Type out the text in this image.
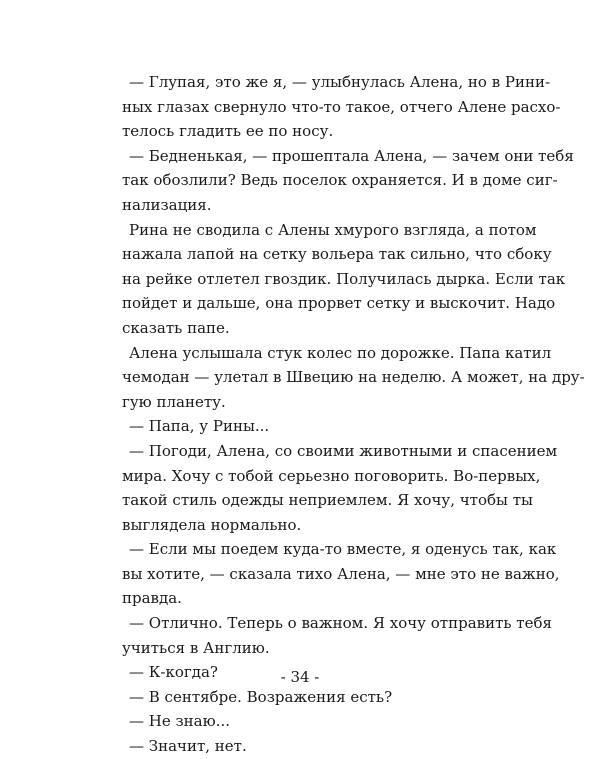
— Глупая, это же я, — улыбнулась Алена, но в Рини-
ных глазах свернуло что-то такое, отчего Алене расхо-
телось гладить ее по носу.
— Бедненькая, — прошептала Алена, — зачем они тебя
так обозлили? Ведь поселок охраняется. И в доме сиг-
нализация.
Рина не сводила с Алены хмурого взгляда, а потом
нажала лапой на сетку вольера так сильно, что сбоку
на рейке отлетел гвоздик. Получилась дырка. Если так
пойдет и дальше, она прорвет сетку и выскочит. Надо
сказать папе.
Алена услышала стук колес по дорожке. Папа катил
чемодан — улетал в Швецию на неделю. А может, на дру-
гую планету.
— Папа, у Рины...
— Погоди, Алена, со своими животными и спасением
мира. Хочу с тобой серьезно поговорить. Во-первых,
такой стиль одежды неприемлем. Я хочу, чтобы ты
выглядела нормально.
— Если мы поедем куда-то вместе, я оденусь так, как
вы хотите, — сказала тихо Алена, — мне это не важно,
правда.
— Отлично. Теперь о важном. Я хочу отправить тебя
учиться в Англию.
— К-когда?
— В сентябре. Возражения есть?
— Не знаю...
— Значит, нет.
- 34 -
